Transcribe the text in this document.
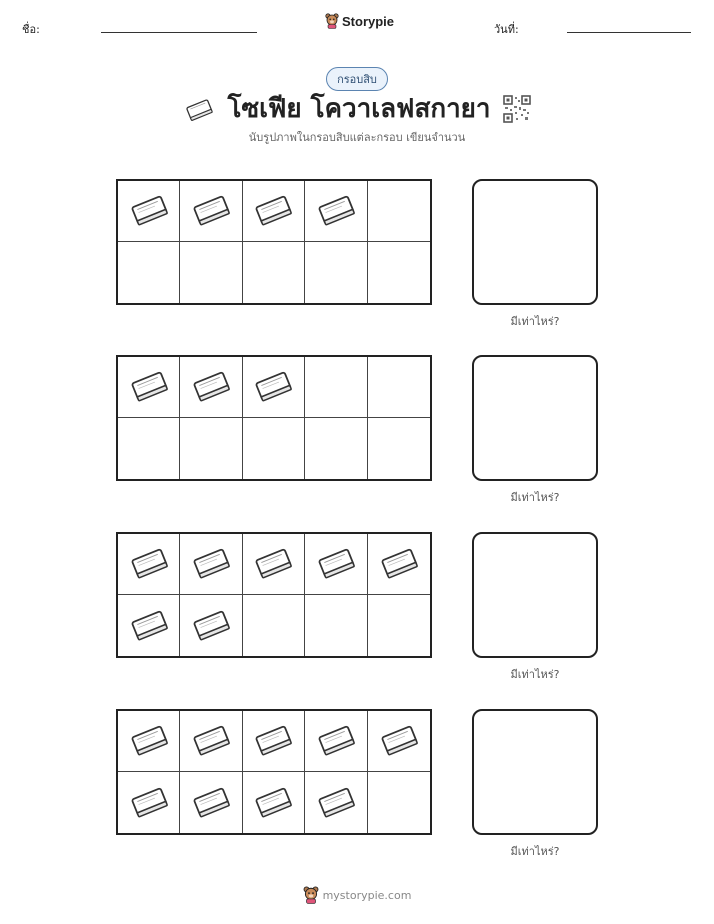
ชื่อ:
Storypie
วันที่:
กรอบสิบ
โซเฟีย โควาเลฟสกายา
นับรูปภาพในกรอบสิบแต่ละกรอบ เขียนจำนวน
มีเท่าไหร่?
มีเท่าไหร่?
มีเท่าไหร่?
มีเท่าไหร่?
mystorypie.com
